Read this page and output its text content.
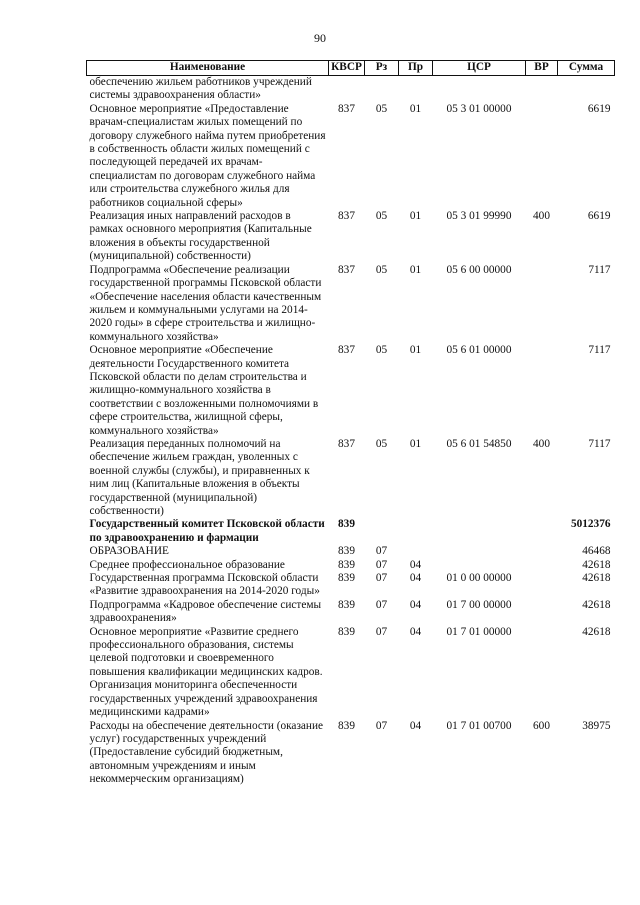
90
Наименование	КВСР	Рз	Пр	ЦСР	ВР	Сумма
обеспечению жильем работников учреждений системы здравоохранения области»						
Основное мероприятие «Предоставление врачам-специалистам жилых помещений по договору служебного найма путем приобретения в собственность области жилых помещений с последующей передачей их врачам-специалистам по договорам служебного найма или строительства служебного жилья для работников социальной сферы»	837	05	01	05 3 01 00000		6619
Реализация иных направлений расходов в рамках основного мероприятия (Капитальные вложения в объекты государственной (муниципальной) собственности)	837	05	01	05 3 01 99990	400	6619
Подпрограмма «Обеспечение реализации государственной программы Псковской области «Обеспечение населения области качественным жильем и коммунальными услугами на 2014-2020 годы» в сфере строительства и жилищно-коммунального хозяйства»	837	05	01	05 6 00 00000		7117
Основное мероприятие «Обеспечение деятельности Государственного комитета Псковской области по делам строительства и жилищно-коммунального хозяйства в соответствии с возложенными полномочиями в сфере строительства, жилищной сферы, коммунального хозяйства»	837	05	01	05 6 01 00000		7117
Реализация переданных полномочий на обеспечение жильем граждан, уволенных с военной службы (службы), и приравненных к ним лиц (Капитальные вложения в объекты государственной (муниципальной) собственности)	837	05	01	05 6 01 54850	400	7117
Государственный комитет Псковской области по здравоохранению и фармации	839					5012376
ОБРАЗОВАНИЕ	839	07				46468
Среднее профессиональное образование	839	07	04			42618
Государственная программа Псковской области «Развитие здравоохранения на 2014-2020 годы»	839	07	04	01 0 00 00000		42618
Подпрограмма «Кадровое обеспечение системы здравоохранения»	839	07	04	01 7 00 00000		42618
Основное мероприятие «Развитие среднего профессионального образования, системы целевой подготовки и своевременного повышения квалификации медицинских кадров. Организация мониторинга обеспеченности государственных учреждений здравоохранения медицинскими кадрами»	839	07	04	01 7 01 00000		42618
Расходы на обеспечение деятельности (оказание услуг) государственных учреждений (Предоставление субсидий бюджетным, автономным учреждениям и иным некоммерческим организациям)	839	07	04	01 7 01 00700	600	38975
